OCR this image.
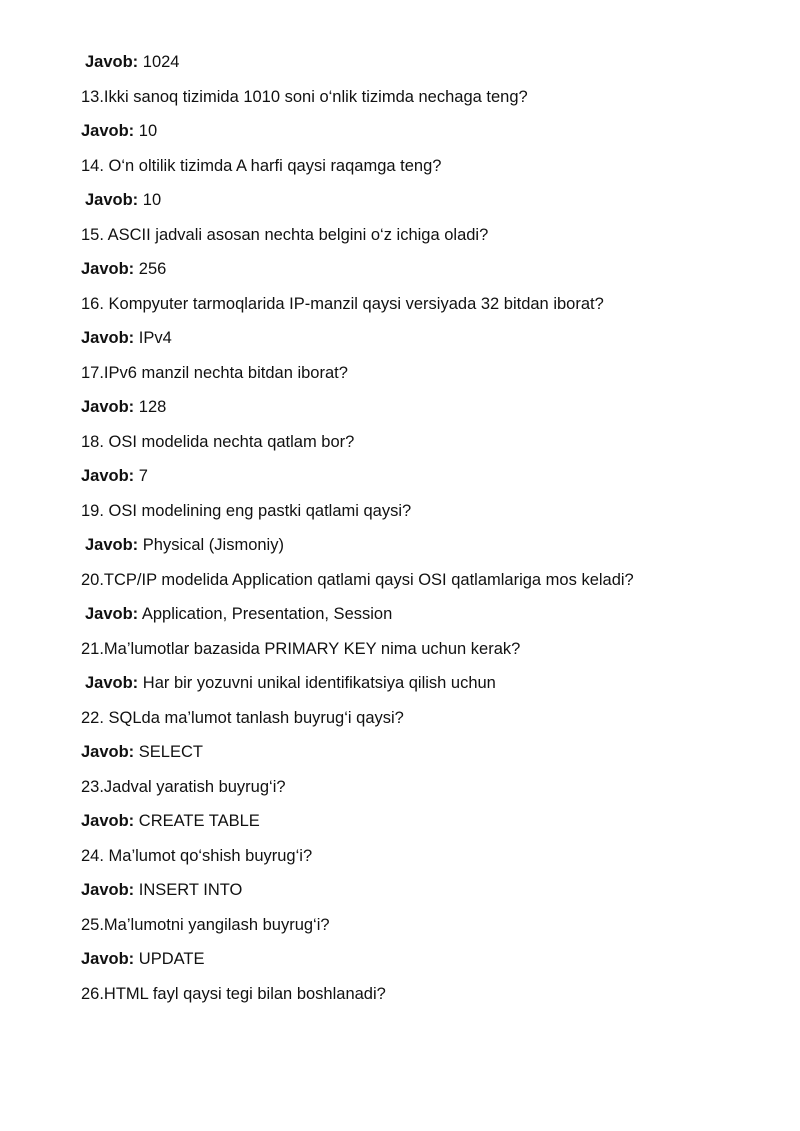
Javob: 1024
13.Ikki sanoq tizimida 1010 soni o‘nlik tizimda nechaga teng?
Javob: 10
14. O‘n oltilik tizimda A harfi qaysi raqamga teng?
Javob: 10
15. ASCII jadvali asosan nechta belgini o‘z ichiga oladi?
Javob: 256
16. Kompyuter tarmoqlarida IP-manzil qaysi versiyada 32 bitdan iborat?
Javob: IPv4
17.IPv6 manzil nechta bitdan iborat?
Javob: 128
18. OSI modelida nechta qatlam bor?
Javob: 7
19. OSI modelining eng pastki qatlami qaysi?
Javob: Physical (Jismoniy)
20.TCP/IP modelida Application qatlami qaysi OSI qatlamlariga mos keladi?
Javob: Application, Presentation, Session
21.Ma’lumotlar bazasida PRIMARY KEY nima uchun kerak?
Javob: Har bir yozuvni unikal identifikatsiya qilish uchun
22. SQLda ma’lumot tanlash buyrug‘i qaysi?
Javob: SELECT
23.Jadval yaratish buyrug‘i?
Javob: CREATE TABLE
24. Ma’lumot qo‘shish buyrug‘i?
Javob: INSERT INTO
25.Ma’lumotni yangilash buyrug‘i?
Javob: UPDATE
26.HTML fayl qaysi tegi bilan boshlanadi?
